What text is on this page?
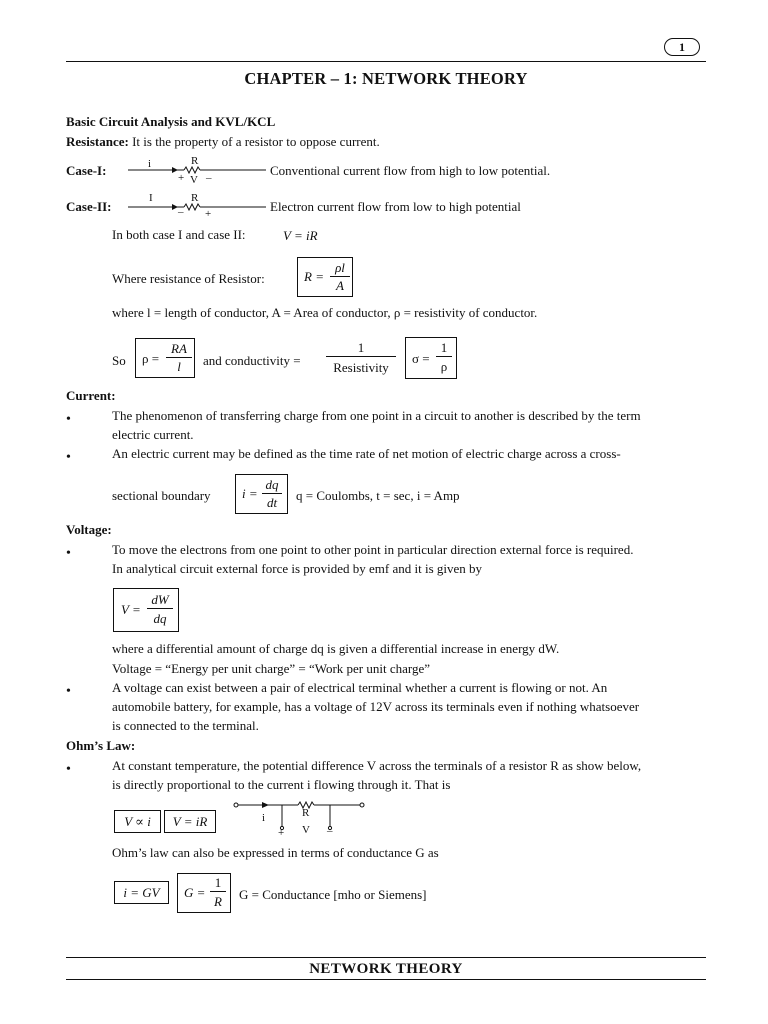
1
CHAPTER – 1: NETWORK THEORY
Basic Circuit Analysis and KVL/KCL
Resistance: It is the property of a resistor to oppose current.
Case-I:	i	R
+ V –	Conventional current flow from high to low potential.
Case-II:
I	R
– +	Electron current flow from low to high potential
In both case I and case II:	V = iR
Where resistance of Resistor:	R =
ρl
A
where l = length of conductor, A = Area of conductor, ρ = resistivity of conductor.
So ρ =
RA
l	and conductivity =
1
Resistivity
σ =
1
ρ
Current:
•	The phenomenon of transferring charge from one point in a circuit to another is described by the term
electric current.
•	An electric current may be defined as the time rate of net motion of electric charge across a cross-
sectional boundary i =
dq
dt	q = Coulombs, t = sec, i = Amp
Voltage:
•	To move the electrons from one point to other point in particular direction external force is required.
In analytical circuit external force is provided by emf and it is given by
V =
dW
dq
where a differential amount of charge dq is given a differential increase in energy dW.
Voltage = “Energy per unit charge” = “Work per unit charge”
•	A voltage can exist between a pair of electrical terminal whether a current is flowing or not. An
automobile battery, for example, has a voltage of 12V across its terminals even if nothing whatsoever
is connected to the terminal.
Ohm’s Law:
•	At constant temperature, the potential difference V across the terminals of a resistor R as show below,
is directly proportional to the current i flowing through it. That is
V ∝ i	V = iR	i	R
+ V –
Ohm’s law can also be expressed in terms of conductance G as
i = GV	G =
1
R	G = Conductance [mho or Siemens]
NETWORK THEORY
